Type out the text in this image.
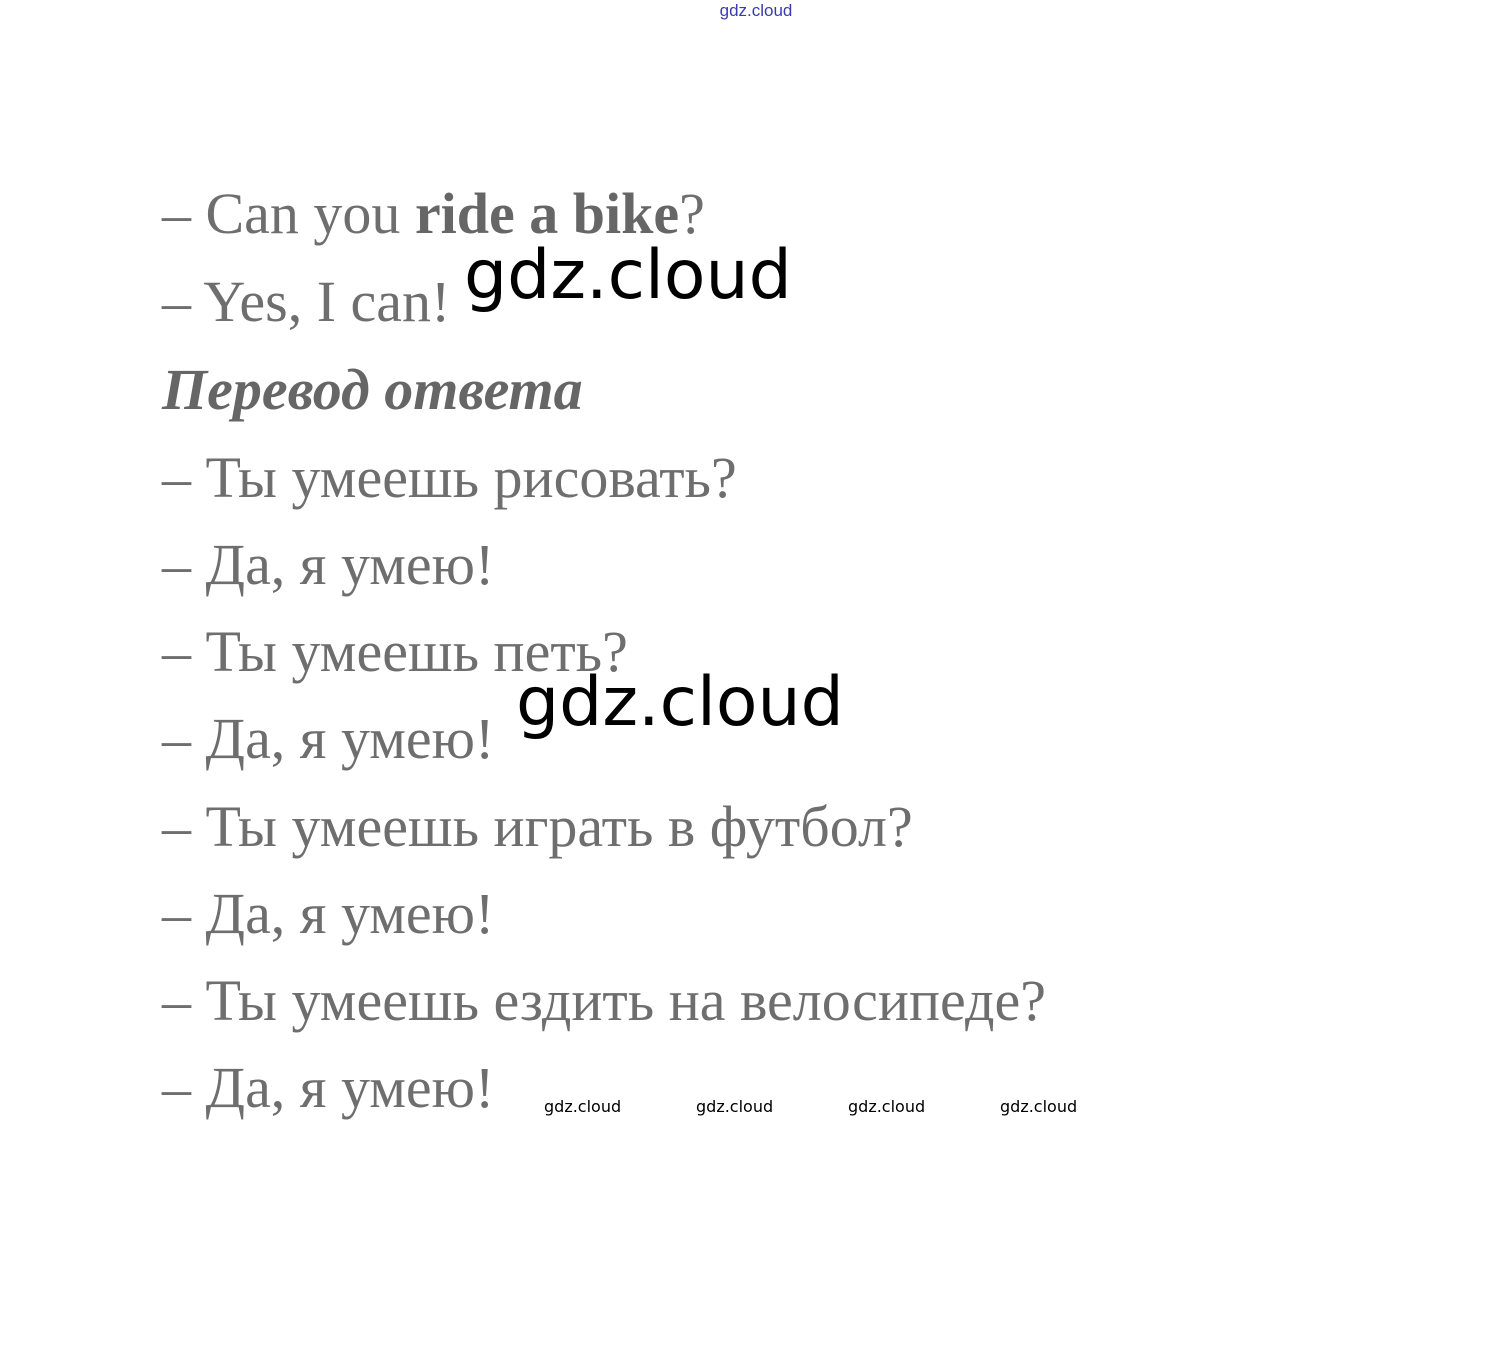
gdz.cloud
– Can you ride a bike?
– Yes, I can!
Перевод ответа
– Ты умеешь рисовать?
– Да, я умею!
– Ты умеешь петь?
– Да, я умею!
– Ты умеешь играть в футбол?
– Да, я умею!
– Ты умеешь ездить на велосипеде?
– Да, я умею!
gdz.cloud
gdz.cloud
gdz.cloud	gdz.cloud	gdz.cloud	gdz.cloud
